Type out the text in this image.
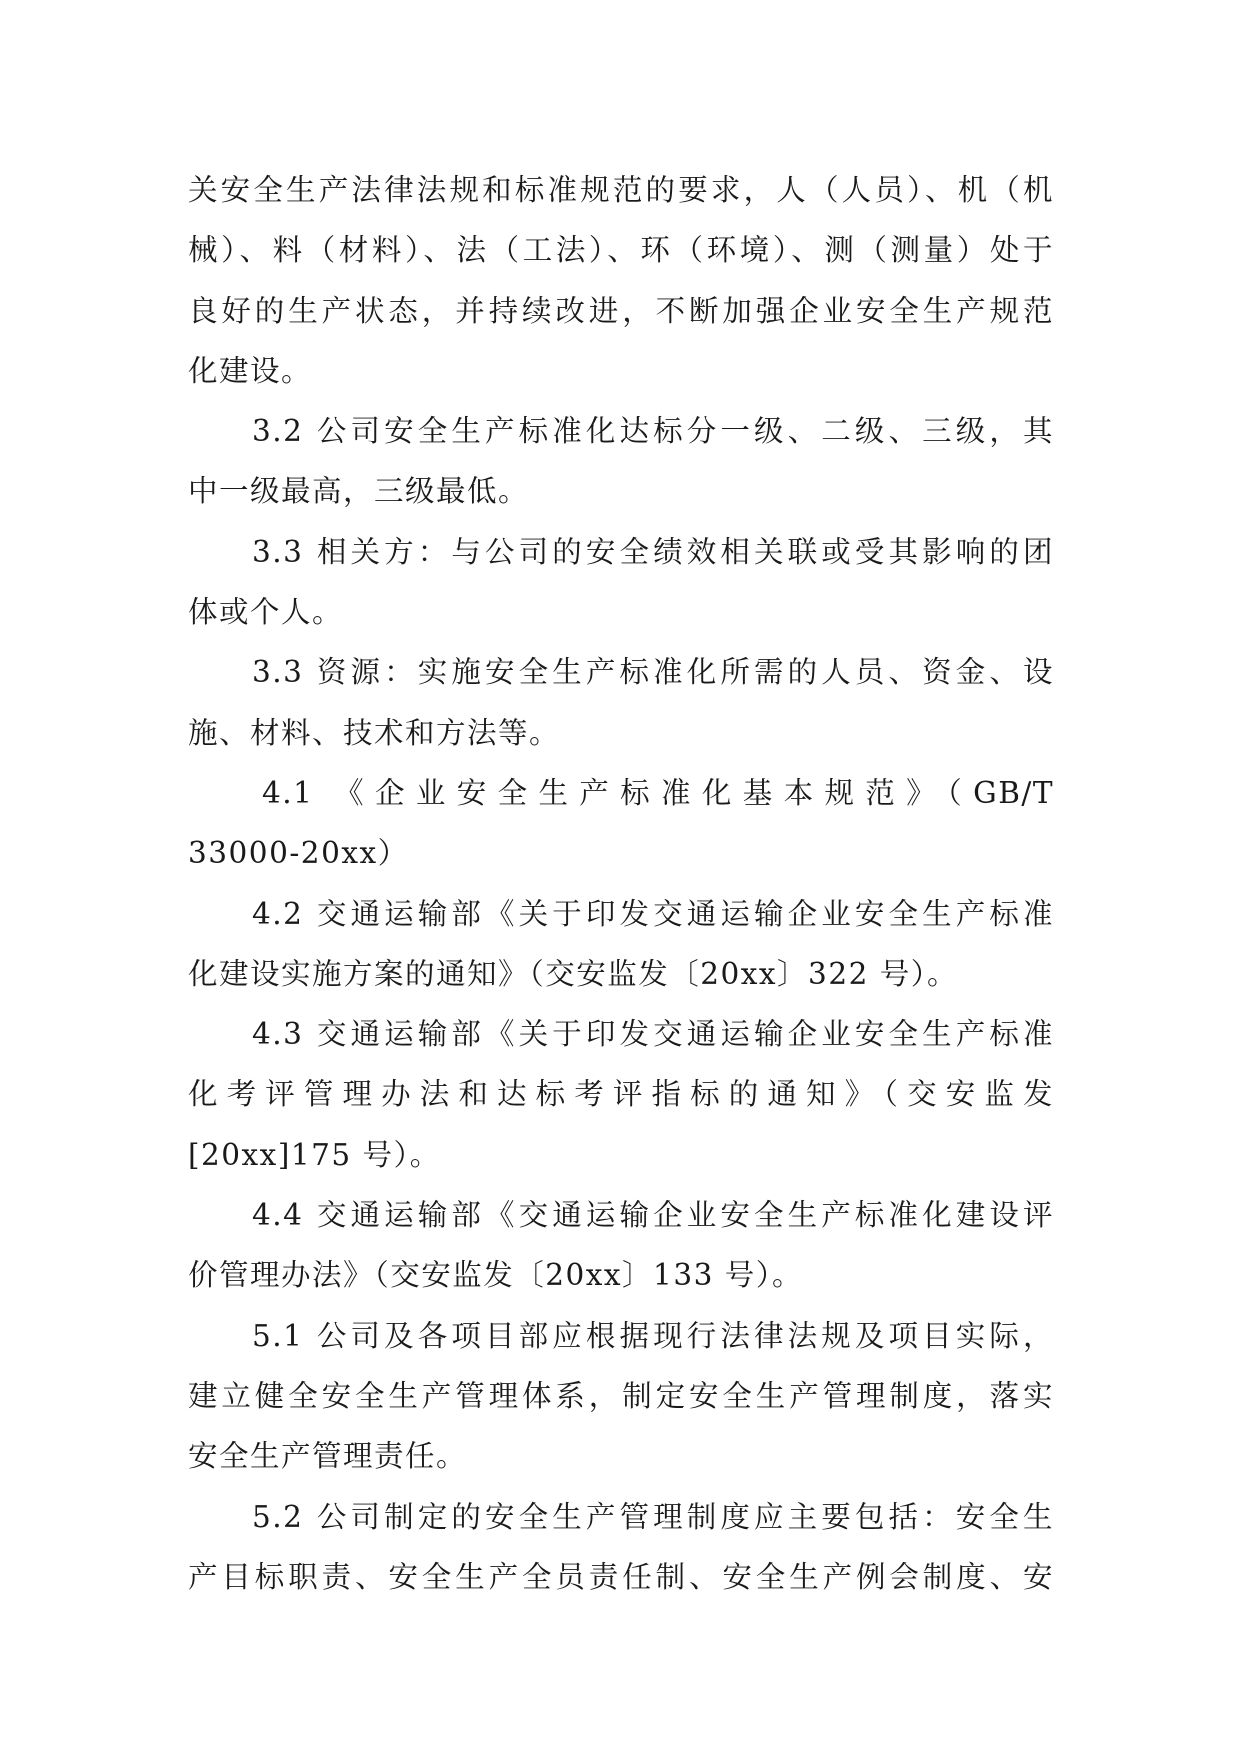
关安全生产法律法规和标准规范的要求，人（人员）、机（机
械）、料（材料）、法（工法）、环（环境）、测（测量）处于
良好的生产状态，并持续改进，不断加强企业安全生产规范
化建设。
3.2 公司安全生产标准化达标分一级、二级、三级，其
中一级最高，三级最低。
3.3 相关方：与公司的安全绩效相关联或受其影响的团
体或个人。
3.3 资源：实施安全生产标准化所需的人员、资金、设
施、材料、技术和方法等。
4.1 《企业安全生产标准化基本规范》（GB/T
33000-20xx）
4.2 交通运输部《关于印发交通运输企业安全生产标准
化建设实施方案的通知》（交安监发〔20xx〕322 号）。
4.3 交通运输部《关于印发交通运输企业安全生产标准
化考评管理办法和达标考评指标的通知》（交安监发
[20xx]175 号）。
4.4 交通运输部《交通运输企业安全生产标准化建设评
价管理办法》（交安监发〔20xx〕133 号）。
5.1 公司及各项目部应根据现行法律法规及项目实际，
建立健全安全生产管理体系，制定安全生产管理制度，落实
安全生产管理责任。
5.2 公司制定的安全生产管理制度应主要包括：安全生
产目标职责、安全生产全员责任制、安全生产例会制度、安
